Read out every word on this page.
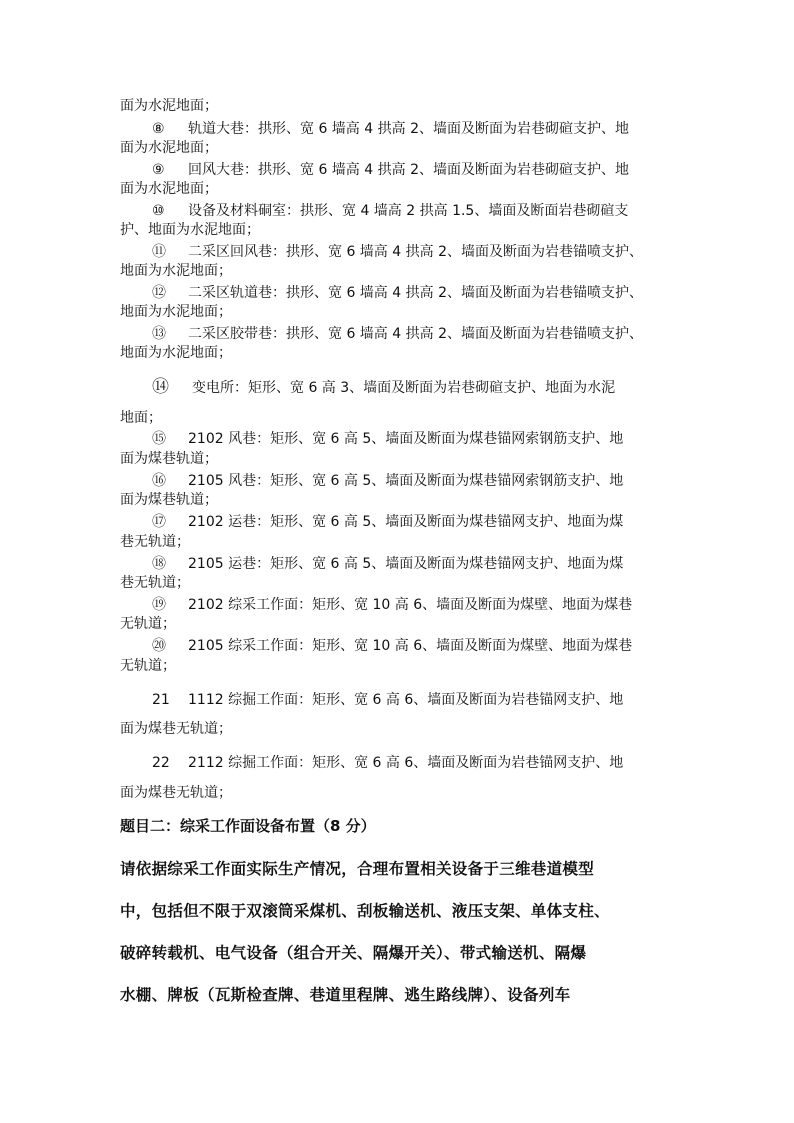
面为水泥地面；
⑧ 轨道大巷：拱形、宽 6 墙高 4 拱高 2、墙面及断面为岩巷砌碹支护、地
面为水泥地面；
⑨ 回风大巷：拱形、宽 6 墙高 4 拱高 2、墙面及断面为岩巷砌碹支护、地
面为水泥地面；
⑩ 设备及材料硐室：拱形、宽 4 墙高 2 拱高 1.5、墙面及断面岩巷砌碹支
护、地面为水泥地面；
⑪ 二采区回风巷：拱形、宽 6 墙高 4 拱高 2、墙面及断面为岩巷锚喷支护、
地面为水泥地面；
⑫ 二采区轨道巷：拱形、宽 6 墙高 4 拱高 2、墙面及断面为岩巷锚喷支护、
地面为水泥地面；
⑬ 二采区胶带巷：拱形、宽 6 墙高 4 拱高 2、墙面及断面为岩巷锚喷支护、
地面为水泥地面；
⑭ 变电所：矩形、宽 6 高 3、墙面及断面为岩巷砌碹支护、地面为水泥
地面；
⑮ 2102 风巷：矩形、宽 6 高 5、墙面及断面为煤巷锚网索钢筋支护、地
面为煤巷轨道；
⑯ 2105 风巷：矩形、宽 6 高 5、墙面及断面为煤巷锚网索钢筋支护、地
面为煤巷轨道；
⑰ 2102 运巷：矩形、宽 6 高 5、墙面及断面为煤巷锚网支护、地面为煤
巷无轨道；
⑱ 2105 运巷：矩形、宽 6 高 5、墙面及断面为煤巷锚网支护、地面为煤
巷无轨道；
⑲ 2102 综采工作面：矩形、宽 10 高 6、墙面及断面为煤壁、地面为煤巷
无轨道；
⑳ 2105 综采工作面：矩形、宽 10 高 6、墙面及断面为煤壁、地面为煤巷
无轨道；
21 1112 综掘工作面：矩形、宽 6 高 6、墙面及断面为岩巷锚网支护、地
面为煤巷无轨道；
22 2112 综掘工作面：矩形、宽 6 高 6、墙面及断面为岩巷锚网支护、地
面为煤巷无轨道；
题目二：综采工作面设备布置（8 分）
请依据综采工作面实际生产情况，合理布置相关设备于三维巷道模型
中，包括但不限于双滚筒采煤机、刮板输送机、液压支架、单体支柱、
破碎转载机、电气设备（组合开关、隔爆开关）、带式输送机、隔爆
水棚、牌板（瓦斯检查牌、巷道里程牌、逃生路线牌）、设备列车
